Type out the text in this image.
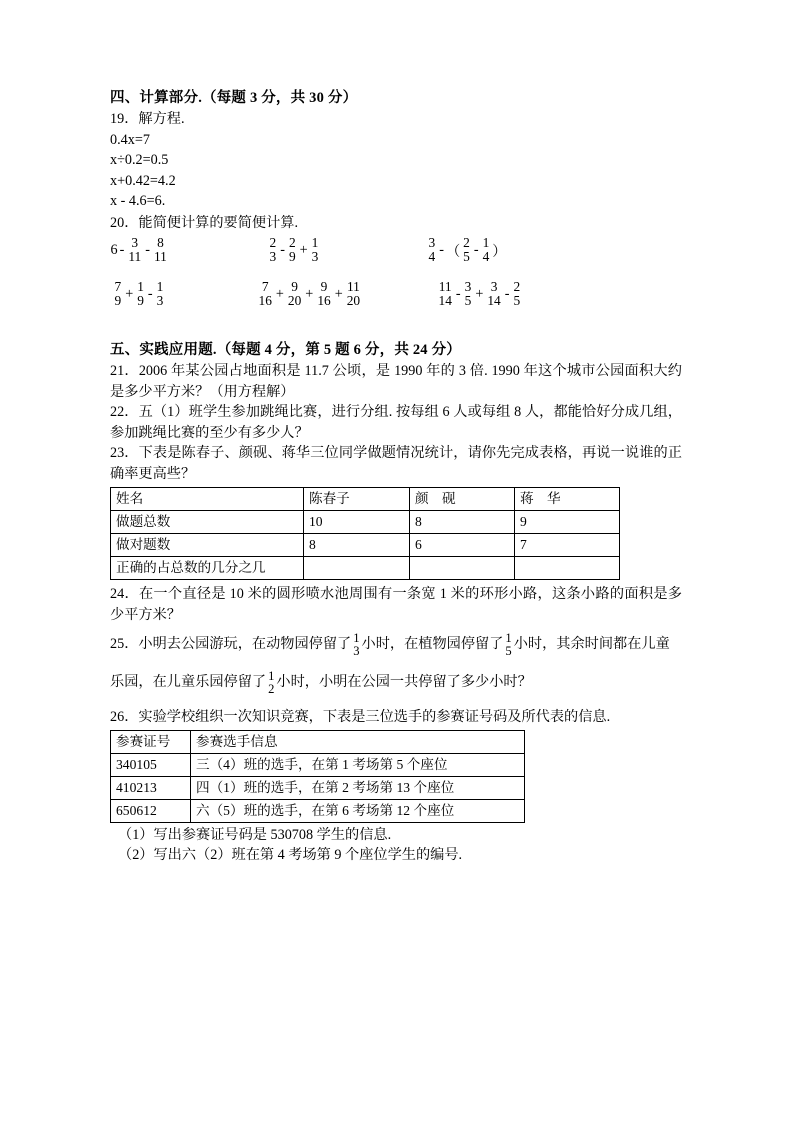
四、计算部分.（每题 3 分，共 30 分）
19．解方程.
0.4x=7
x÷0.2=0.5
x+0.42=4.2
x - 4.6=6.
20．能简便计算的要简便计算.
6 - 3
11 - 8
11
2
3 - 2
9 + 1
3
3
4 - （
2
5 - 1
4 ）
7
9 + 1
9 - 1
3
7
16 + 9
20 + 9
16 + 11
20
11
14 - 3
5 + 3
14 - 2
5
五、实践应用题.（每题 4 分，第 5 题 6 分，共 24 分）
21．2006 年某公园占地面积是 11.7 公顷，是 1990 年的 3 倍. 1990 年这个城市公园面积大约是多少平方米？（用方程解）
22．五（1）班学生参加跳绳比赛，进行分组. 按每组 6 人或每组 8 人，都能恰好分成几组，参加跳绳比赛的至少有多少人？
23．下表是陈春子、颜砚、蒋华三位同学做题情况统计，请你先完成表格，再说一说谁的正确率更高些？
姓名	陈春子	颜 砚	蒋 华
做题总数	10	8	9
做对题数	8	6	7
正确的占总数的几分之几			
24．在一个直径是 10 米的圆形喷水池周围有一条宽 1 米的环形小路，这条小路的面积是多少平方米？
25．小明去公园游玩，在动物园停留了 1
3 小时，在植物园停留了 1
5 小时，其余时间都在儿童
乐园，在儿童乐园停留了 1
2 小时，小明在公园一共停留了多少小时？
26．实验学校组织一次知识竞赛，下表是三位选手的参赛证号码及所代表的信息.
参赛证号	参赛选手信息
340105	三（4）班的选手，在第 1 考场第 5 个座位
410213	四（1）班的选手，在第 2 考场第 13 个座位
650612	六（5）班的选手，在第 6 考场第 12 个座位
（1）写出参赛证号码是 530708 学生的信息.
（2）写出六（2）班在第 4 考场第 9 个座位学生的编号.
